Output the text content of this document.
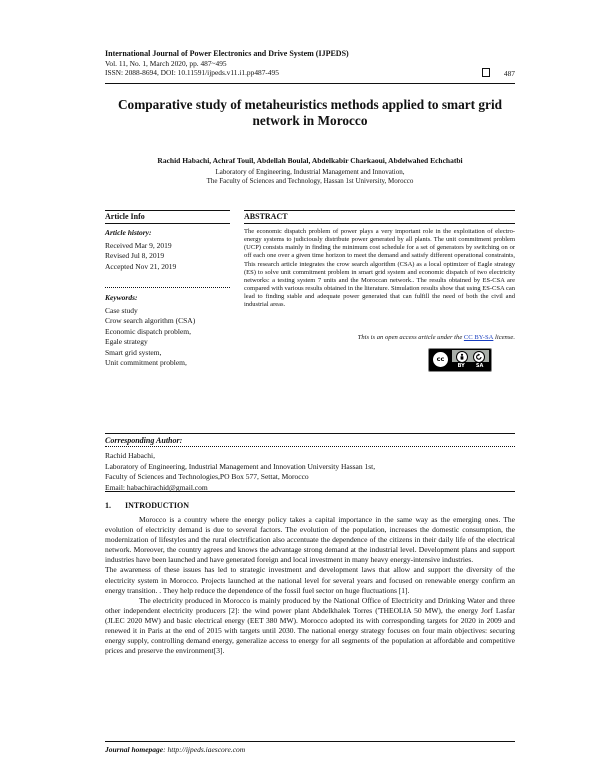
International Journal of Power Electronics and Drive System (IJPEDS)
Vol. 11, No. 1, March 2020, pp. 487~495
ISSN: 2088-8694, DOI: 10.11591/ijpeds.v11.i1.pp487-495	487
Comparative study of metaheuristics methods applied to smart grid network in Morocco
Rachid Habachi, Achraf Touil, Abdellah Boulal, Abdelkabir Charkaoui, Abdelwahed Echchatbi
Laboratory of Engineering, Industrial Management and Innovation,
The Faculty of Sciences and Technology, Hassan 1st University, Morocco
Article Info	ABSTRACT
Article history:
Received Mar 9, 2019
Revised Jul 8, 2019
Accepted Nov 21, 2019
Keywords:
Case study
Crow search algorithm (CSA)
Economic dispatch problem,
Egale strategy
Smart grid system,
Unit commitment problem,
The economic dispatch problem of power plays a very important role in the exploitation of electro-energy systems to judiciously distribute power generated by all plants. The unit commitment problem (UCP) consists mainly in finding the minimum cost schedule for a set of generators by switching on or off each one over a given time horizon to meet the demand and satisfy different operational constraints, This research article integrates the crow search algorithm (CSA) as a local optimizer of Eagle strategy (ES) to solve unit commitment problem in smart grid system and economic dispatch of two electricity networks: a testing system 7 units and the Moroccan network.. The results obtained by ES-CSA are compared with various results obtained in the literature. Simulation results show that using ES-CSA can lead to finding stable and adequate power generated that can fulfill the need of both the civil and industrial areas.
This is an open access article under the CC BY-SA license.
cc
BY SA
Corresponding Author:
Rachid Habachi,
Laboratory of Engineering, Industrial Management and Innovation University Hassan 1st,
Faculty of Sciences and Technologies,PO Box 577, Settat, Morocco
Email: habachirachid@gmail.com
1. INTRODUCTION

Morocco is a country where the energy policy takes a capital importance in the same way as the emerging ones. The evolution of electricity demand is due to several factors. The evolution of the population, increases the domestic consumption, the modernization of lifestyles and the rural electrification also accentuate the dependence of the citizens in their daily life of the electrical network. Moreover, the country agrees and knows the advantage strong demand at the industrial level. Development plans and support industries have been launched and have generated foreign and local investment in many heavy energy-intensive industries.

The awareness of these issues has led to strategic investment and development laws that allow and support the diversity of the electricity system in Morocco. Projects launched at the national level for several years and focused on renewable energy confirm an energy transition. . They help reduce the dependence of the fossil fuel sector on huge fluctuations [1].

The electricity produced in Morocco is mainly produced by the National Office of Electricity and Drinking Water and three other independent electricity producers [2]: the wind power plant Abdelkhalek Torres ('THEOLIA 50 MW), the energy Jorf Lasfar (JLEC 2020 MW) and basic electrical energy (EET 380 MW). Morocco adopted its with corresponding targets for 2020 in 2009 and renewed it in Paris at the end of 2015 with targets until 2030. The national energy strategy focuses on four main objectives: securing energy supply, controlling demand energy, generalize access to energy for all segments of the population at affordable and competitive prices and preserve the environment[3].

Journal homepage: http://ijpeds.iaescore.com
